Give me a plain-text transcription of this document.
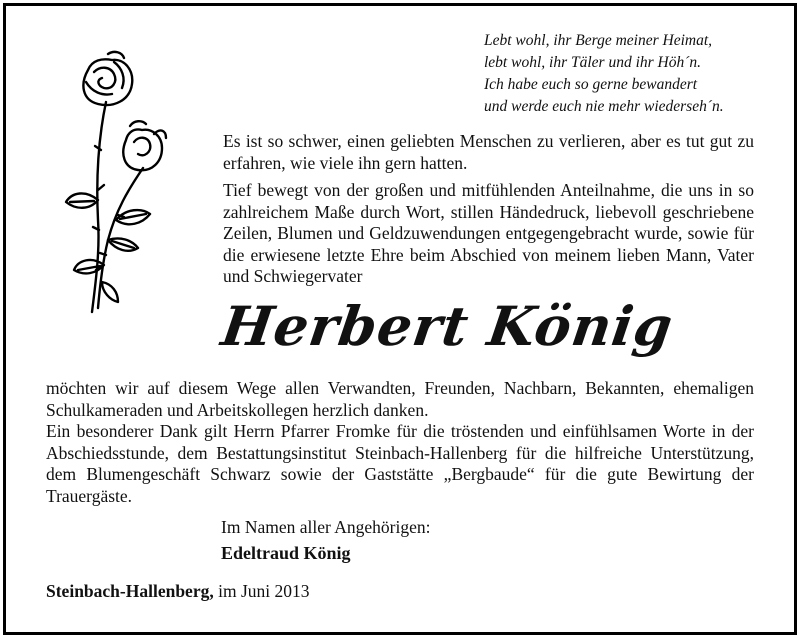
Lebt wohl, ihr Berge meiner Heimat,
lebt wohl, ihr Täler und ihr Höh´n.
Ich habe euch so gerne bewandert
und werde euch nie mehr wiederseh´n.
Es ist so schwer, einen geliebten Menschen zu verlieren, aber es tut gut zu erfahren, wie viele ihn gern hatten.
Tief bewegt von der großen und mitfühlenden Anteilnahme, die uns in so zahlreichem Maße durch Wort, stillen Händedruck, liebevoll geschriebene Zeilen, Blumen und Geldzuwendungen entgegengebracht wurde, sowie für die erwiesene letzte Ehre beim Abschied von meinem lieben Mann, Vater und Schwiegervater
Herbert König
möchten wir auf diesem Wege allen Verwandten, Freunden, Nachbarn, Bekannten, ehemaligen Schulkameraden und Arbeitskollegen herzlich danken.
Ein besonderer Dank gilt Herrn Pfarrer Fromke für die tröstenden und einfühlsamen Worte in der Abschiedsstunde, dem Bestattungsinstitut Steinbach-Hallenberg für die hilfreiche Unterstützung, dem Blumengeschäft Schwarz sowie der Gaststätte „Bergbaude“ für die gute Bewirtung der Trauergäste.
Im Namen aller Angehörigen:
Edeltraud König
Steinbach-Hallenberg, im Juni 2013
